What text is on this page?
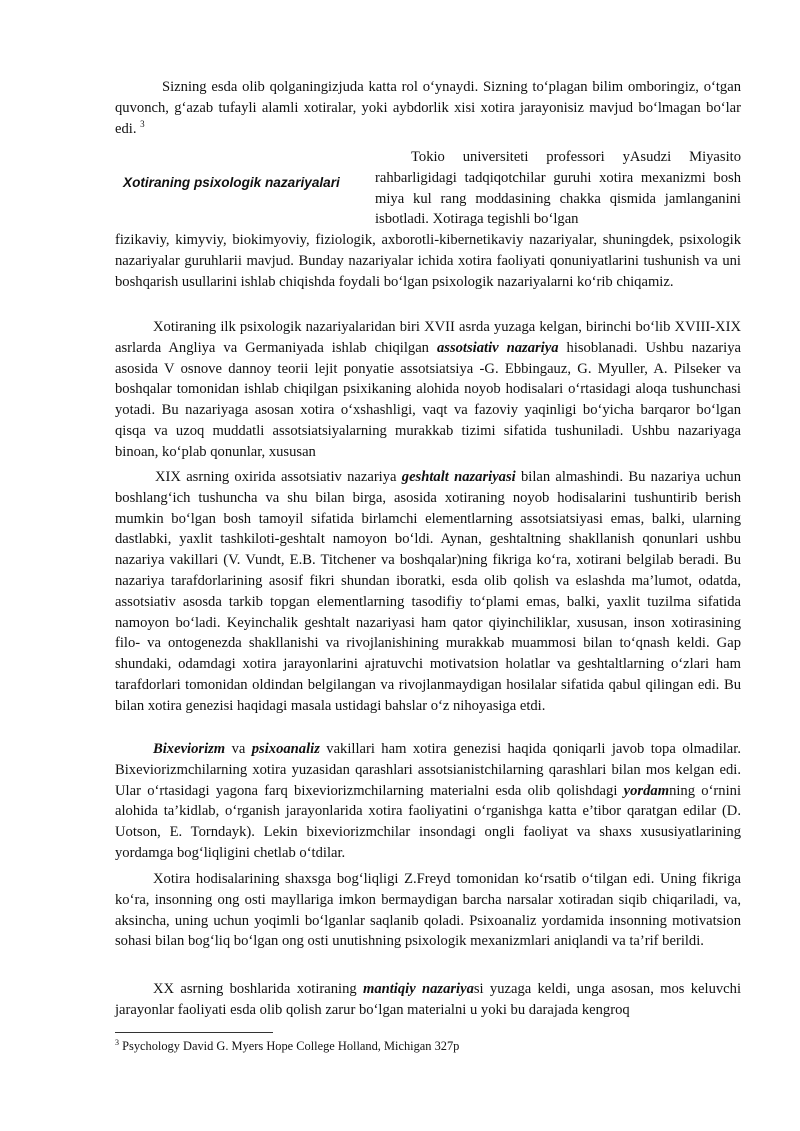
Sizning esda olib qolganingizjuda katta rol o‘ynaydi. Sizning to‘plagan bilim omboringiz, o‘tgan quvonch, g‘azab tufayli alamli xotiralar, yoki aybdorlik xisi xotira jarayonisiz mavjud bo‘lmagan bo‘lar edi. $^3$

Xotiraning psixologik nazariyalari

Tokio universiteti professori yAsudzi Miyasito rahbarligidagi tadqiqotchilar guruhi xotira mexanizmi bosh miya kul rang moddasining chakka qismida jamlanganini isbotladi. Xotiraga tegishli bo‘lgan

fizikaviy, kimyviy, biokimyoviy, fiziologik, axborotli-kibernetikaviy nazariyalar, shuningdek, psixologik nazariyalar guruhlarii mavjud. Bunday nazariyalar ichida xotira faoliyati qonuniyatlarini tushunish va uni boshqarish usullarini ishlab chiqishda foydali bo‘lgan psixologik nazariyalarni ko‘rib chiqamiz.

Xotiraning ilk psixologik nazariyalaridan biri XVII asrda yuzaga kelgan, birinchi bo‘lib XVIII-XIX asrlarda Angliya va Germaniyada ishlab chiqilgan assotsiativ nazariya hisoblanadi. Ushbu nazariya asosida V osnove dannoy teorii lejit ponyatie assotsiatsiya -G. Ebbingauz, G. Myuller, A. Pilseker va boshqalar tomonidan ishlab chiqilgan psixikaning alohida noyob hodisalari o‘rtasidagi aloqa tushunchasi yotadi. Bu nazariyaga asosan xotira o‘xshashligi, vaqt va fazoviy yaqinligi bo‘yicha barqaror bo‘lgan qisqa va uzoq muddatli assotsiatsiyalarning murakkab tizimi sifatida tushuniladi. Ushbu nazariyaga binoan, ko‘plab qonunlar, xususan

XIX asrning oxirida assotsiativ nazariya geshtalt nazariyasi bilan almashindi. Bu nazariya uchun boshlang‘ich tushuncha va shu bilan birga, asosida xotiraning noyob hodisalarini tushuntirib berish mumkin bo‘lgan bosh tamoyil sifatida birlamchi elementlarning assotsiatsiyasi emas, balki, ularning dastlabki, yaxlit tashkiloti-geshtalt namoyon bo‘ldi. Aynan, geshtaltning shakllanish qonunlari ushbu nazariya vakillari (V. Vundt, E.B. Titchener va boshqalar)ning fikriga ko‘ra, xotirani belgilab beradi. Bu nazariya tarafdorlarining asosif fikri shundan iboratki, esda olib qolish va eslashda ma’lumot, odatda, assotsiativ asosda tarkib topgan elementlarning tasodifiy to‘plami emas, balki, yaxlit tuzilma sifatida namoyon bo‘ladi. Keyinchalik geshtalt nazariyasi ham qator qiyinchiliklar, xususan, inson xotirasining filo- va ontogenezda shakllanishi va rivojlanishining murakkab muammosi bilan to‘qnash keldi. Gap shundaki, odamdagi xotira jarayonlarini ajratuvchi motivatsion holatlar va geshtaltlarning o‘zlari ham tarafdorlari tomonidan oldindan belgilangan va rivojlanmaydigan hosilalar sifatida qabul qilingan edi. Bu bilan xotira genezisi haqidagi masala ustidagi bahslar o‘z nihoyasiga etdi.

Bixeviorizm va psixoanaliz vakillari ham xotira genezisi haqida qoniqarli javob topa olmadilar. Bixeviorizmchilarning xotira yuzasidan qarashlari assotsianistchilarning qarashlari bilan mos kelgan edi. Ular o‘rtasidagi yagona farq bixeviorizmchilarning materialni esda olib qolishdagi yordamning o‘rnini alohida ta’kidlab, o‘rganish jarayonlarida xotira faoliyatini o‘rganishga katta e’tibor qaratgan edilar (D. Uotson, E. Torndayk). Lekin bixeviorizmchilar insondagi ongli faoliyat va shaxs xususiyatlarining yordamga bog‘liqligini chetlab o‘tdilar.

Xotira hodisalarining shaxsga bog‘liqligi Z.Freyd tomonidan ko‘rsatib o‘tilgan edi. Uning fikriga ko‘ra, insonning ong osti mayllariga imkon bermaydigan barcha narsalar xotiradan siqib chiqariladi, va, aksincha, uning uchun yoqimli bo‘lganlar saqlanib qoladi. Psixoanaliz yordamida insonning motivatsion sohasi bilan bog‘liq bo‘lgan ong osti unutishning psixologik mexanizmlari aniqlandi va ta’rif berildi.

XX asrning boshlarida xotiraning mantiqiy nazariyasi yuzaga keldi, unga asosan, mos keluvchi jarayonlar faoliyati esda olib qolish zarur bo‘lgan materialni u yoki bu darajada kengroq

$^3$ Psychology David G. Myers Hope College Holland, Michigan 327p
